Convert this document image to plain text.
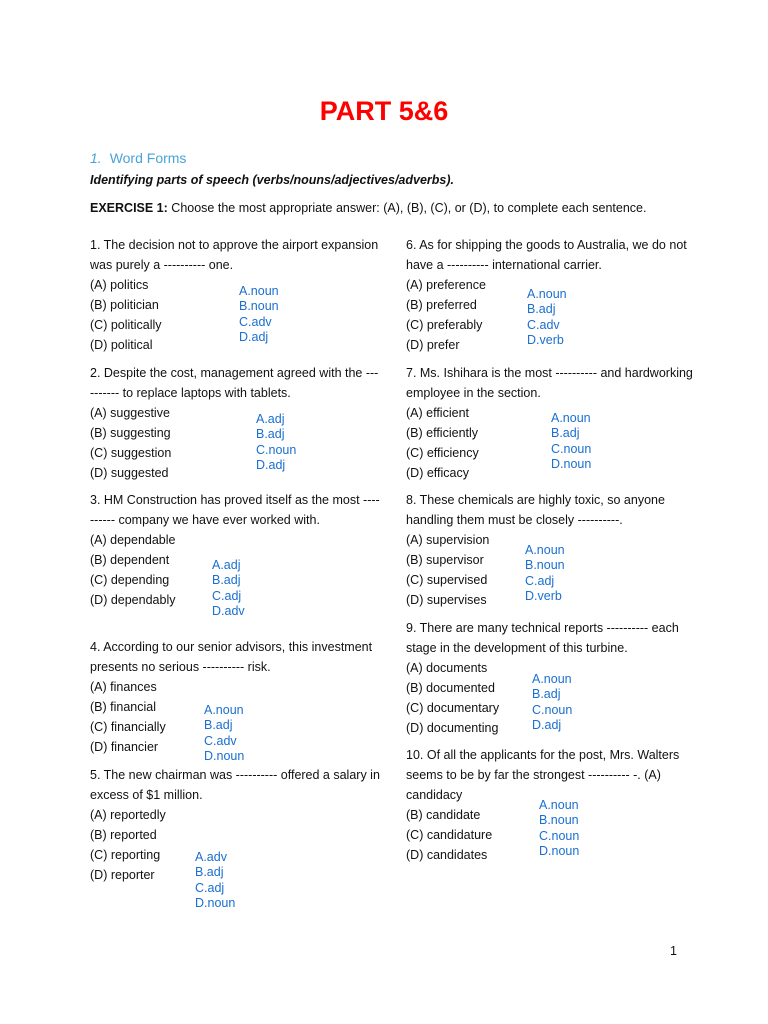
PART 5&6
1. Word Forms
Identifying parts of speech (verbs/nouns/adjectives/adverbs).
EXERCISE 1: Choose the most appropriate answer: (A), (B), (C), or (D), to complete each sentence.
1. The decision not to approve the airport expansion was purely a ---------- one.
(A) politics
(B) politician
(C) politically
(D) political
A.noun
B.noun
C.adv
D.adj
2. Despite the cost, management agreed with the ---------- to replace laptops with tablets.
(A) suggestive
(B) suggesting
(C) suggestion
(D) suggested
A.adj
B.adj
C.noun
D.adj
3. HM Construction has proved itself as the most ---------- company we have ever worked with.
(A) dependable
(B) dependent
(C) depending
(D) dependably
A.adj
B.adj
C.adj
D.adv
4. According to our senior advisors, this investment presents no serious ---------- risk.
(A) finances
(B) financial
(C) financially
(D) financier
A.noun
B.adj
C.adv
D.noun
5. The new chairman was ---------- offered a salary in excess of $1 million.
(A) reportedly
(B) reported
(C) reporting
(D) reporter
A.adv
B.adj
C.adj
D.noun
6. As for shipping the goods to Australia, we do not have a ---------- international carrier.
(A) preference
(B) preferred
(C) preferably
(D) prefer
A.noun
B.adj
C.adv
D.verb
7. Ms. Ishihara is the most ---------- and hardworking employee in the section.
(A) efficient
(B) efficiently
(C) efficiency
(D) efficacy
A.noun
B.adj
C.noun
D.noun
8. These chemicals are highly toxic, so anyone handling them must be closely ----------.
(A) supervision
(B) supervisor
(C) supervised
(D) supervises
A.noun
B.noun
C.adj
D.verb
9. There are many technical reports ---------- each stage in the development of this turbine.
(A) documents
(B) documented
(C) documentary
(D) documenting
A.noun
B.adj
C.noun
D.adj
10. Of all the applicants for the post, Mrs. Walters seems to be by far the strongest ---------- -. (A) candidacy
(B) candidate
(C) candidature
(D) candidates
A.noun
B.noun
C.noun
D.noun
1
